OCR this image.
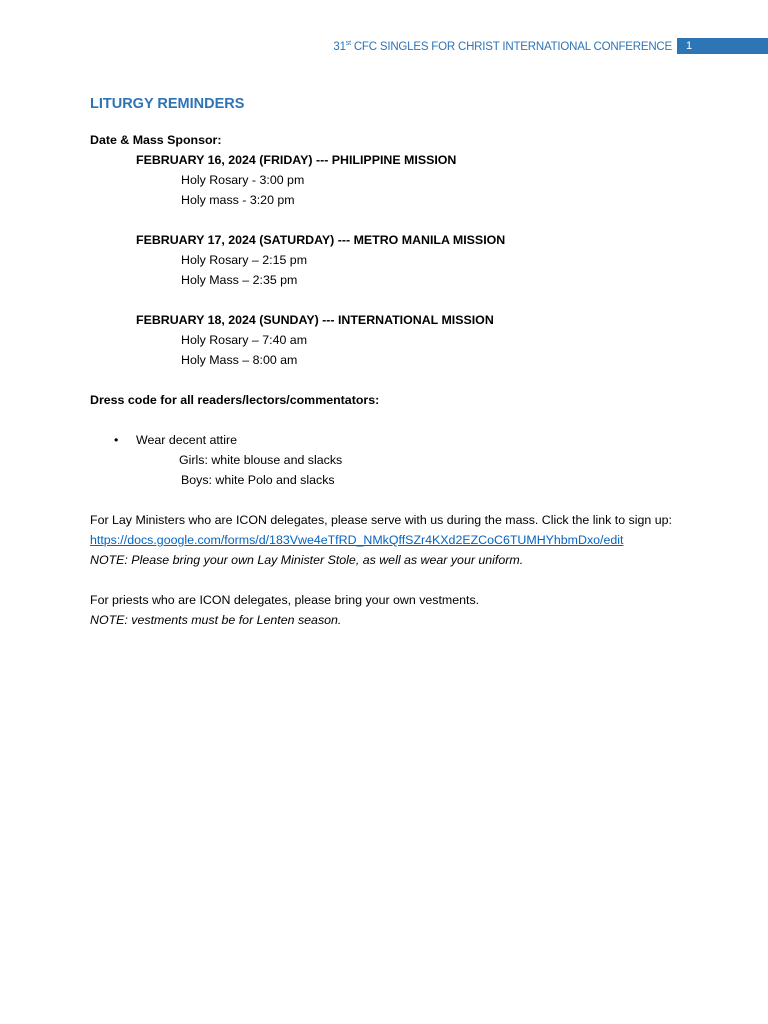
31st CFC SINGLES FOR CHRIST INTERNATIONAL CONFERENCE	1
LITURGY REMINDERS
Date & Mass Sponsor:
FEBRUARY 16, 2024 (FRIDAY) --- PHILIPPINE MISSION
Holy Rosary - 3:00 pm
Holy mass - 3:20 pm
FEBRUARY 17, 2024 (SATURDAY) --- METRO MANILA MISSION
Holy Rosary – 2:15 pm
Holy Mass – 2:35 pm
FEBRUARY 18, 2024 (SUNDAY) --- INTERNATIONAL MISSION
Holy Rosary – 7:40 am
Holy Mass – 8:00 am
Dress code for all readers/lectors/commentators:
•	Wear decent attire
Girls: white blouse and slacks
Boys: white Polo and slacks
For Lay Ministers who are ICON delegates, please serve with us during the mass. Click the link to sign up:
https://docs.google.com/forms/d/183Vwe4eTfRD_NMkQffSZr4KXd2EZCoC6TUMHYhbmDxo/edit
NOTE: Please bring your own Lay Minister Stole, as well as wear your uniform.
For priests who are ICON delegates, please bring your own vestments.
NOTE: vestments must be for Lenten season.
